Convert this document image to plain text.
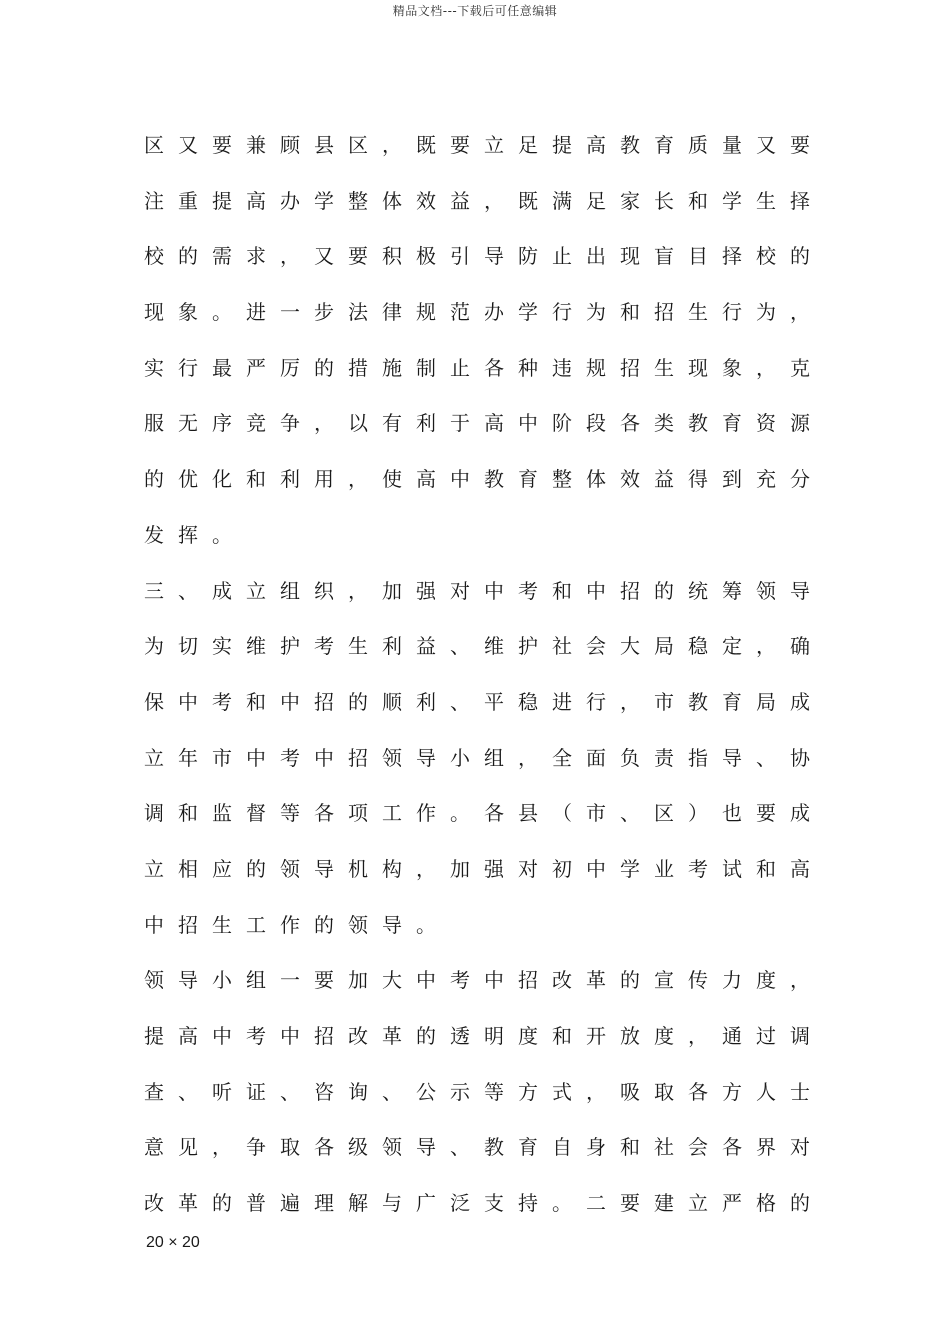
精品文档---下载后可任意编辑
区又要兼顾县区，既要立足提高教育质量又要
注重提高办学整体效益，既满足家长和学生择
校的需求，又要积极引导防止出现盲目择校的
现象。进一步法律规范办学行为和招生行为，
实行最严厉的措施制止各种违规招生现象，克
服无序竞争，以有利于高中阶段各类教育资源
的优化和利用，使高中教育整体效益得到充分
发挥。
三、成立组织，加强对中考和中招的统筹领导
为切实维护考生利益、维护社会大局稳定，确
保中考和中招的顺利、平稳进行，市教育局成
立年市中考中招领导小组，全面负责指导、协
调和监督等各项工作。各县（市、区）也要成
立相应的领导机构，加强对初中学业考试和高
中招生工作的领导。
领导小组一要加大中考中招改革的宣传力度，
提高中考中招改革的透明度和开放度，通过调
查、听证、咨询、公示等方式，吸取各方人士
意见，争取各级领导、教育自身和社会各界对
改革的普遍理解与广泛支持。二要建立严格的
20 × 20
